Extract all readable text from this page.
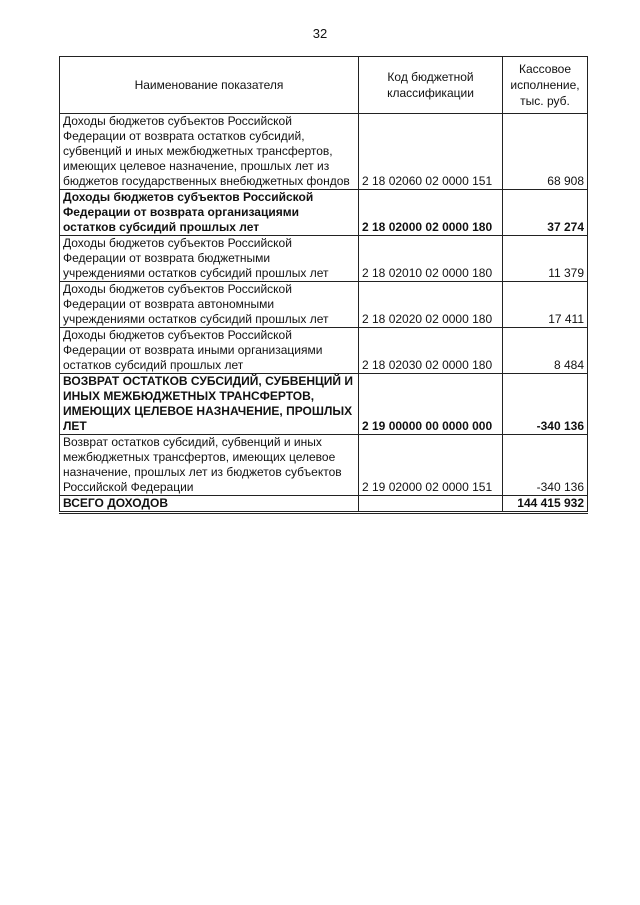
32
Наименование показателя	Код бюджетной классификации	Кассовое исполнение, тыс. руб.
Доходы бюджетов субъектов Российской Федерации от возврата остатков субсидий, субвенций и иных межбюджетных трансфертов, имеющих целевое назначение, прошлых лет из бюджетов государственных внебюджетных фондов	2 18 02060 02 0000 151	68 908
Доходы бюджетов субъектов Российской Федерации от возврата организациями остатков субсидий прошлых лет	2 18 02000 02 0000 180	37 274
Доходы бюджетов субъектов Российской Федерации от возврата бюджетными учреждениями остатков субсидий прошлых лет	2 18 02010 02 0000 180	11 379
Доходы бюджетов субъектов Российской Федерации от возврата автономными учреждениями остатков субсидий прошлых лет	2 18 02020 02 0000 180	17 411
Доходы бюджетов субъектов Российской Федерации от возврата иными организациями остатков субсидий прошлых лет	2 18 02030 02 0000 180	8 484
ВОЗВРАТ ОСТАТКОВ СУБСИДИЙ, СУБВЕНЦИЙ И ИНЫХ МЕЖБЮДЖЕТНЫХ ТРАНСФЕРТОВ, ИМЕЮЩИХ ЦЕЛЕВОЕ НАЗНАЧЕНИЕ, ПРОШЛЫХ ЛЕТ	2 19 00000 00 0000 000	-340 136
Возврат остатков субсидий, субвенций и иных межбюджетных трансфертов, имеющих целевое назначение, прошлых лет из бюджетов субъектов Российской Федерации	2 19 02000 02 0000 151	-340 136
ВСЕГО ДОХОДОВ		144 415 932
